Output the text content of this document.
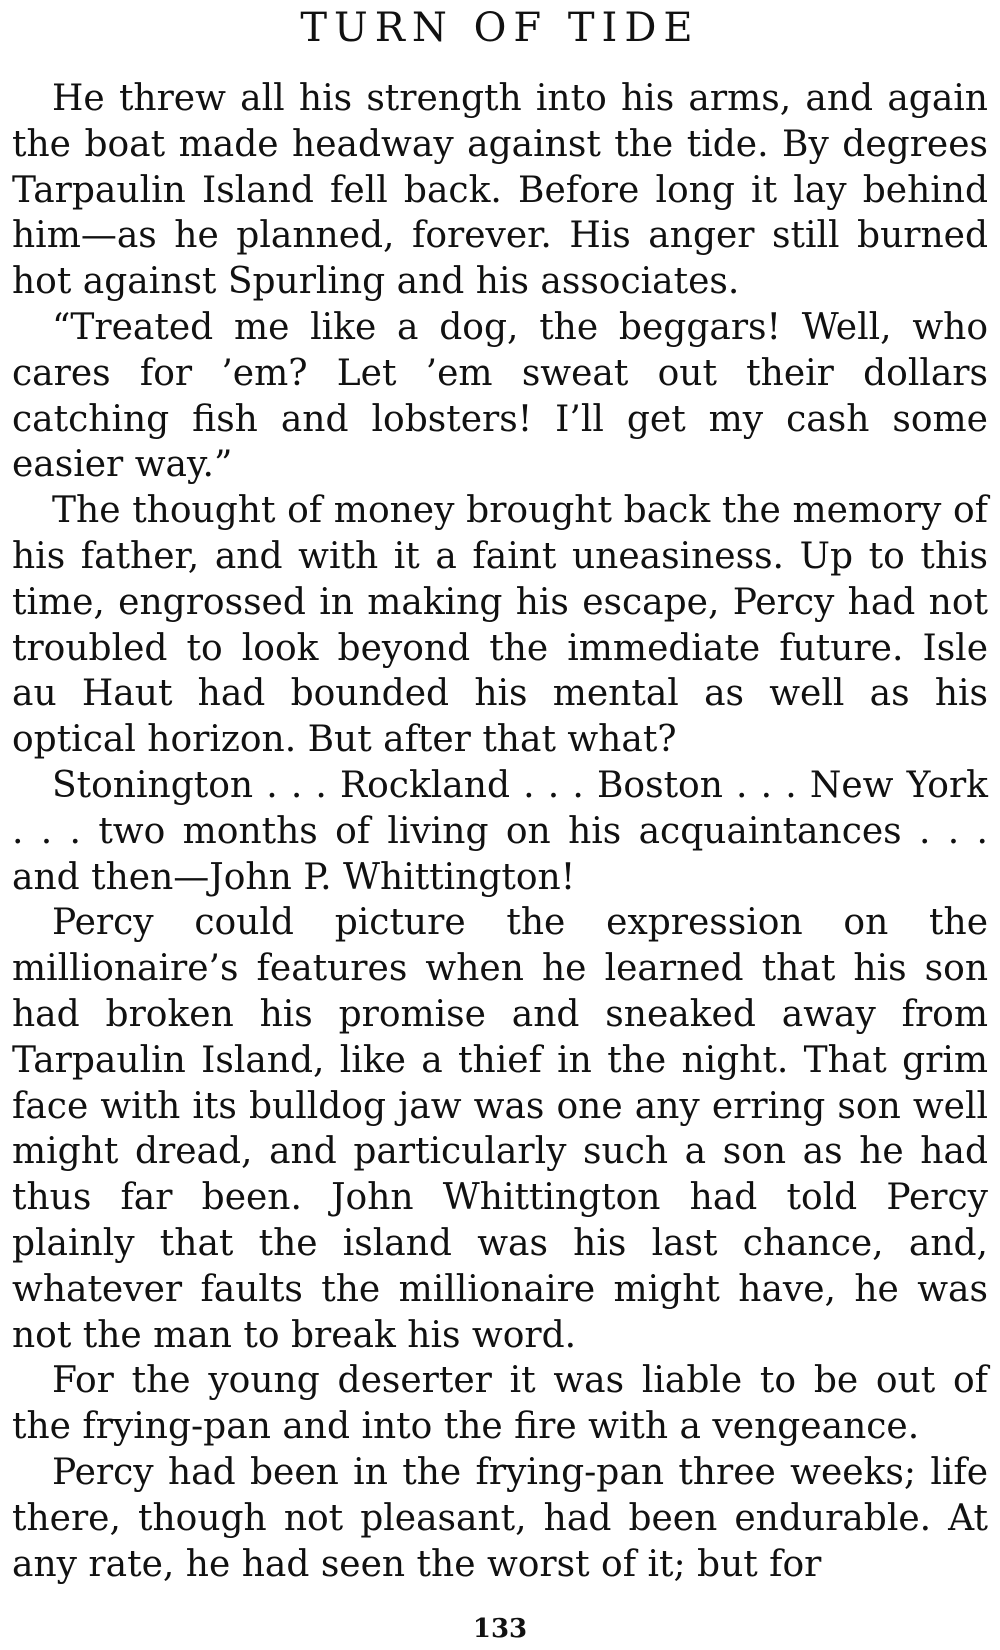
TURN OF TIDE

He threw all his strength into his arms, and again the boat made headway against the tide. By degrees Tarpaulin Island fell back. Before long it lay behind him—as he planned, forever. His anger still burned hot against Spurling and his associates.

“Treated me like a dog, the beggars! Well, who cares for ’em? Let ’em sweat out their dollars catching fish and lobsters! I’ll get my cash some easier way.”

The thought of money brought back the memory of his father, and with it a faint uneasiness. Up to this time, engrossed in making his escape, Percy had not troubled to look beyond the immediate future. Isle au Haut had bounded his mental as well as his optical horizon. But after that what?

Stonington . . . Rockland . . . Boston . . . New York . . . two months of living on his acquaintances . . . and then—John P. Whittington!

Percy could picture the expression on the millionaire’s features when he learned that his son had broken his promise and sneaked away from Tarpaulin Island, like a thief in the night. That grim face with its bulldog jaw was one any erring son well might dread, and particularly such a son as he had thus far been. John Whittington had told Percy plainly that the island was his last chance, and, whatever faults the millionaire might have, he was not the man to break his word.

For the young deserter it was liable to be out of the frying-pan and into the fire with a vengeance.

Percy had been in the frying-pan three weeks; life there, though not pleasant, had been endurable. At any rate, he had seen the worst of it; but for

133
